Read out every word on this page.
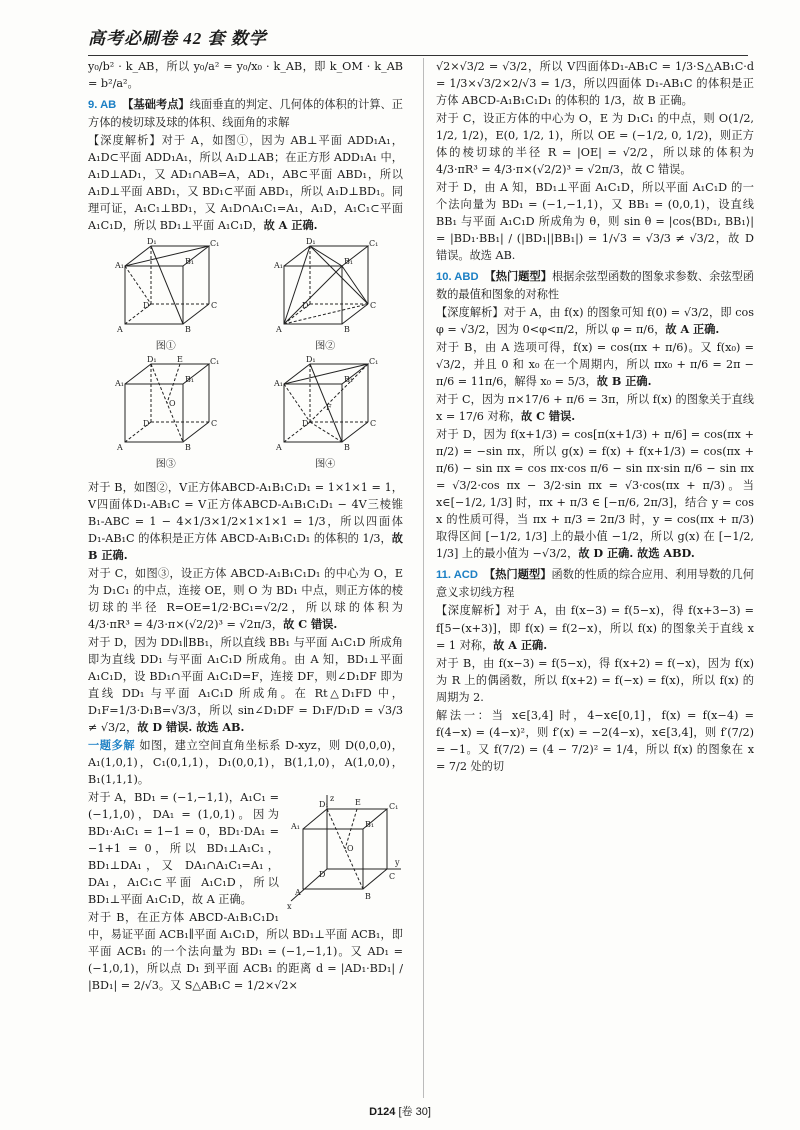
高考必刷卷 42 套 数学

y₀/b² · k_AB，所以 y₀/a² = y₀/x₀ · k_AB，即 k_OM · k_AB = b²/a²。

9. AB 【基础考点】线面垂直的判定、几何体的体积的计算、正方体的棱切球及球的体积、线面角的求解

【深度解析】对于 A，如图①，因为 AB⊥平面 ADD₁A₁，A₁D⊂平面 ADD₁A₁，所以 A₁D⊥AB；在正方形 ADD₁A₁ 中，A₁D⊥AD₁，又 AD₁∩AB=A，AD₁，AB⊂平面 ABD₁，所以 A₁D⊥平面 ABD₁，又 BD₁⊂平面 ABD₁，所以 A₁D⊥BD₁。同理可证，A₁C₁⊥BD₁，又 A₁D∩A₁C₁=A₁，A₁D，A₁C₁⊂平面 A₁C₁D，所以 BD₁⊥平面 A₁C₁D，故 A 正确.

D₁	C₁
A₁	B₁
D	C
A	B
图①
D₁	C₁
A₁	B₁
D	C
A	B
图②
D₁	E	C₁
A₁	B₁
O
D	C
A	B
图③
D₁	C₁
A₁	B₁
F
D	C
A	B
图④

对于 B，如图②，V正方体ABCD-A₁B₁C₁D₁ = 1×1×1 = 1，V四面体D₁-AB₁C = V正方体ABCD-A₁B₁C₁D₁ − 4V三棱锥B₁-ABC = 1 − 4×1/3×1/2×1×1×1 = 1/3，所以四面体 D₁-AB₁C 的体积是正方体 ABCD-A₁B₁C₁D₁ 的体积的 1/3，故 B 正确.

对于 C，如图③，设正方体 ABCD-A₁B₁C₁D₁ 的中心为 O，E 为 D₁C₁ 的中点，连接 OE，则 O 为 BD₁ 中点，则正方体的棱切球的半径 R=OE=1/2·BC₁=√2/2，所以球的体积为 4/3·πR³ = 4/3·π×(√2/2)³ = √2π/3，故 C 错误.

对于 D，因为 DD₁∥BB₁，所以直线 BB₁ 与平面 A₁C₁D 所成角即为直线 DD₁ 与平面 A₁C₁D 所成角。由 A 知，BD₁⊥平面 A₁C₁D，设 BD₁∩平面 A₁C₁D=F，连接 DF，则∠D₁DF 即为直线 DD₁ 与平面 A₁C₁D 所成角。在 Rt△D₁FD 中，D₁F=1/3·D₁B=√3/3，所以 sin∠D₁DF = D₁F/D₁D = √3/3 ≠ √3/2，故 D 错误. 故选 AB.

一题多解 如图，建立空间直角坐标系 D-xyz，则 D(0,0,0)，A₁(1,0,1)，C₁(0,1,1)，D₁(0,0,1)，B(1,1,0)，A(1,0,0)，B₁(1,1,1)。

z
D₁	E	C₁
A₁	B₁
O
D	C
y
A	B
x

对于 A，BD₁ = (−1,−1,1)，A₁C₁ = (−1,1,0)，DA₁ = (1,0,1)。因为 BD₁·A₁C₁ = 1−1 = 0，BD₁·DA₁ = −1+1 = 0，所以 BD₁⊥A₁C₁，BD₁⊥DA₁，又 DA₁∩A₁C₁=A₁，DA₁，A₁C₁⊂平面 A₁C₁D，所以 BD₁⊥平面 A₁C₁D，故 A 正确。

对于 B，在正方体 ABCD-A₁B₁C₁D₁ 中，易证平面 ACB₁∥平面 A₁C₁D，所以 BD₁⊥平面 ACB₁，即平面 ACB₁ 的一个法向量为 BD₁ = (−1,−1,1)。又 AD₁ = (−1,0,1)，所以点 D₁ 到平面 ACB₁ 的距离 d = |AD₁·BD₁| / |BD₁| = 2/√3。又 S△AB₁C = 1/2×√2×

√2×√3/2 = √3/2，所以 V四面体D₁-AB₁C = 1/3·S△AB₁C·d = 1/3×√3/2×2/√3 = 1/3，所以四面体 D₁-AB₁C 的体积是正方体 ABCD-A₁B₁C₁D₁ 的体积的 1/3，故 B 正确。

对于 C，设正方体的中心为 O，E 为 D₁C₁ 的中点，则 O(1/2, 1/2, 1/2)，E(0, 1/2, 1)，所以 OE = (−1/2, 0, 1/2)，则正方体的棱切球的半径 R = |OE| = √2/2，所以球的体积为 4/3·πR³ = 4/3·π×(√2/2)³ = √2π/3，故 C 错误。

对于 D，由 A 知，BD₁⊥平面 A₁C₁D，所以平面 A₁C₁D 的一个法向量为 BD₁ = (−1,−1,1)，又 BB₁ = (0,0,1)，设直线 BB₁ 与平面 A₁C₁D 所成角为 θ，则 sin θ = |cos⟨BD₁, BB₁⟩| = |BD₁·BB₁| / (|BD₁||BB₁|) = 1/√3 = √3/3 ≠ √3/2，故 D 错误。故选 AB.

10. ABD 【热门题型】根据余弦型函数的图象求参数、余弦型函数的最值和图象的对称性

【深度解析】对于 A，由 f(x) 的图象可知 f(0) = √3/2，即 cos φ = √3/2，因为 0<φ<π/2，所以 φ = π/6，故 A 正确.

对于 B，由 A 选项可得，f(x) = cos(πx + π/6)。又 f(x₀) = √3/2，并且 0 和 x₀ 在一个周期内，所以 πx₀ + π/6 = 2π − π/6 = 11π/6，解得 x₀ = 5/3，故 B 正确.

对于 C，因为 π×17/6 + π/6 = 3π，所以 f(x) 的图象关于直线 x = 17/6 对称，故 C 错误.

对于 D，因为 f(x+1/3) = cos[π(x+1/3) + π/6] = cos(πx + π/2) = −sin πx，所以 g(x) = f(x) + f(x+1/3) = cos(πx + π/6) − sin πx = cos πx·cos π/6 − sin πx·sin π/6 − sin πx = √3/2·cos πx − 3/2·sin πx = √3·cos(πx + π/3)。当 x∈[−1/2, 1/3] 时，πx + π/3 ∈ [−π/6, 2π/3]，结合 y = cos x 的性质可得，当 πx + π/3 = 2π/3 时，y = cos(πx + π/3) 取得区间 [−1/2, 1/3] 上的最小值 −1/2，所以 g(x) 在 [−1/2, 1/3] 上的最小值为 −√3/2，故 D 正确. 故选 ABD.

11. ACD 【热门题型】函数的性质的综合应用、利用导数的几何意义求切线方程

【深度解析】对于 A，由 f(x−3) = f(5−x)，得 f(x+3−3) = f[5−(x+3)]，即 f(x) = f(2−x)，所以 f(x) 的图象关于直线 x = 1 对称，故 A 正确.

对于 B，由 f(x−3) = f(5−x)，得 f(x+2) = f(−x)，因为 f(x) 为 R 上的偶函数，所以 f(x+2) = f(−x) = f(x)，所以 f(x) 的周期为 2.

解法一：当 x∈[3,4] 时，4−x∈[0,1]，f(x) = f(x−4) = f(4−x) = (4−x)²，则 f′(x) = −2(4−x)，x∈[3,4]，则 f′(7/2) = −1。又 f(7/2) = (4 − 7/2)² = 1/4，所以 f(x) 的图象在 x = 7/2 处的切

D124 [卷 30]
